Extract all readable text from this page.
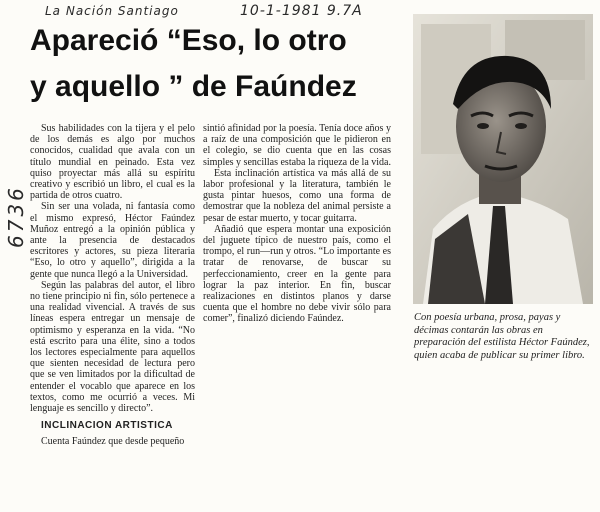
La Nación Santiago	10-1-1981 9.7A
6736
Apareció “Eso, lo otro
y aquello ” de Faúndez

Sus habilidades con la tijera y el pelo de los demás es algo por muchos conocidos, cualidad que avala con un título mundial en peinado. Esta vez quiso proyectar más allá su espíritu creativo y escribió un libro, el cual es la partida de otros cuatro.

Sin ser una volada, ni fantasía como el mismo expresó, Héctor Faúndez Muñoz entregó a la opinión pública y ante la presencia de destacados escritores y actores, su pieza literaria “Eso, lo otro y aquello”, dirigida a la gente que nunca llegó a la Universidad.

Según las palabras del autor, el libro no tiene principio ni fin, sólo pertenece a una realidad vivencial. A través de sus líneas espera entregar un mensaje de optimismo y esperanza en la vida. “No está escrito para una élite, sino a todos los lectores especialmente para aquellos que sienten necesidad de lectura pero que se ven limitados por la dificultad de entender el vocablo que aparece en los textos, como me ocurrió a veces. Mi lenguaje es sencillo y directo”.

INCLINACION ARTISTICA

Cuenta Faúndez que desde pequeño

sintió afinidad por la poesía. Tenía doce años y a raíz de una composición que le pidieron en el colegio, se dio cuenta que en las cosas simples y sencillas estaba la riqueza de la vida.

Esta inclinación artística va más allá de su labor profesional y la literatura, también le gusta pintar huesos, como una forma de demostrar que la nobleza del animal persiste a pesar de estar muerto, y tocar guitarra.

Añadió que espera montar una exposición del juguete típico de nuestro país, como el trompo, el run—run y otros. “Lo importante es tratar de renovarse, de buscar su perfeccionamiento, creer en la gente para lograr la paz interior. En fin, buscar realizaciones en distintos planos y darse cuenta que el hombre no debe vivir sólo para comer”, finalizó diciendo Faúndez.	Con poesía urbana, prosa, payas y décimas contarán las obras en preparación del estilista Héctor Faúndez, quien acaba de publicar su primer libro.
